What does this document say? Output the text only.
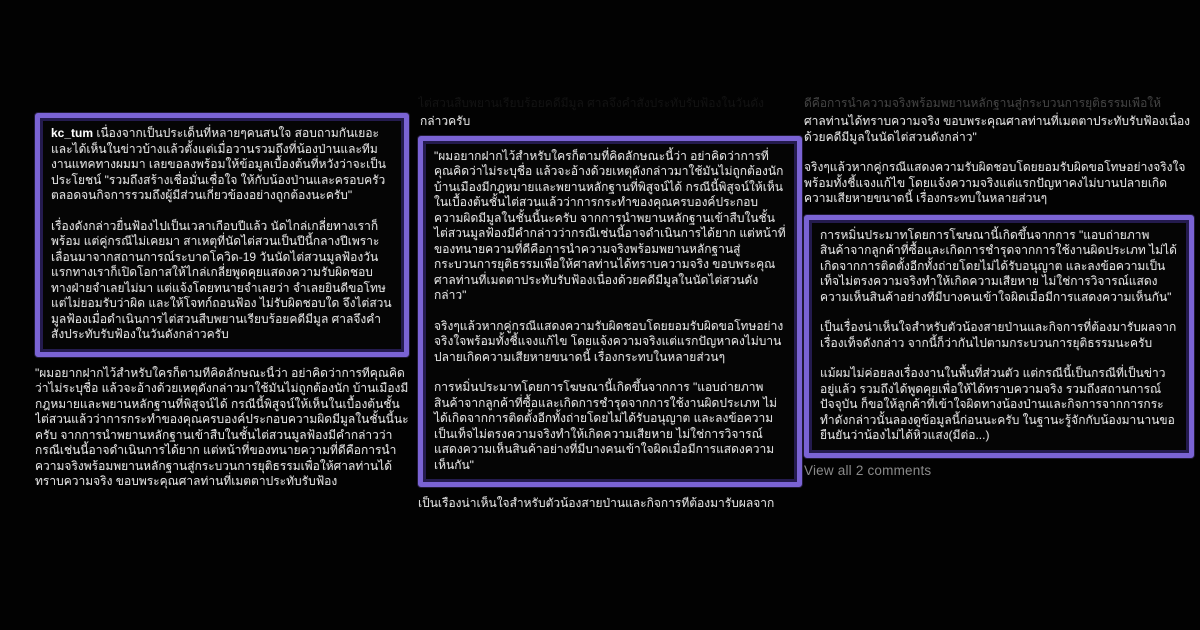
kc_tum เนื่องจากเป็นประเด็นที่หลายๆคนสนใจ สอบถามกันเยอะ และได้เห็นในข่าวบ้างแล้วตั้งแต่เมื่อวานรวมถึงที่น้องป่านและทีมงานแทคทางผมมา เลยขอลงพร้อมให้ข้อมูลเบื้องต้นที่หวังว่าจะเป็นประโยชน์ "รวมถึงสร้างเชื่อมั่นเชื่อใจ ให้กับน้องป่านและครอบครัวตลอดจนกิจการรวมถึงผู้มีส่วนเกี่ยวข้องอย่างถูกต้องนะครับ"

เรื่องดังกล่าวยื่นฟ้องไปเป็นเวลาเกือบปีแล้ว นัดไกล่เกลี่ยทางเราก็พร้อม แต่คู่กรณีไม่เคยมา สาเหตุที่นัดไต่สวนเป็นปีนี้กลางปีเพราะเลื่อนมาจากสถานการณ์ระบาดโควิด-19 วันนัดไต่สวนมูลฟ้องวันแรกทางเราก็เปิดโอกาสให้ไกล่เกลี่ยพูดคุยแสดงความรับผิดชอบ ทางฝ่ายจำเลยไม่มา แต่แจ้งโดยทนายจำเลยว่า จำเลยยินดีขอโทษ แต่ไม่ยอมรับว่าผิด และให้โจทก์ถอนฟ้อง ไม่รับผิดชอบใด จึงไต่สวนมูลฟ้องเมื่อดำเนินการไต่สวนสืบพยานเรียบร้อยคดีมีมูล ศาลจึงคำสั่งประทับรับฟ้องในวันดังกล่าวครับ

"ผมอยากฝากไว้สำหรับใครก็ตามที่คิดลักษณะนี้ว่า อย่าคิดว่าการที่คุณคิดว่าไม่ระบุชื่อ แล้วจะอ้างด้วยเหตุดังกล่าวมาใช้มันไม่ถูกต้องนัก บ้านเมืองมีกฎหมายและพยานหลักฐานที่พิสูจน์ได้ กรณีนี้พิสูจน์ให้เห็นในเบื้องต้นชั้นไต่สวนแล้วว่าการกระทำของคุณครบองค์ประกอบความผิดมีมูลในชั้นนี้นะครับ จากการนำพยานหลักฐานเข้าสืบในชั้นไต่สวนมูลฟ้องมีคำกล่าวว่ากรณีเช่นนี้อาจดำเนินการได้ยาก แต่หน้าที่ของทนายความที่ดีคือการนำความจริงพร้อมพยานหลักฐานสู่กระบวนการยุติธรรมเพื่อให้ศาลท่านได้ทราบความจริง ขอบพระคุณศาลท่านที่เมตตาประทับรับฟ้อง

ไต่สวนสืบพยานเรียบร้อยคดีมีมูล ศาลจึงคำสั่งประทับรับฟ้องในวันดัง
กล่าวครับ

"ผมอยากฝากไว้สำหรับใครก็ตามที่คิดลักษณะนี้ว่า อย่าคิดว่าการที่คุณคิดว่าไม่ระบุชื่อ แล้วจะอ้างด้วยเหตุดังกล่าวมาใช้มันไม่ถูกต้องนัก บ้านเมืองมีกฎหมายและพยานหลักฐานที่พิสูจน์ได้ กรณีนี้พิสูจน์ให้เห็นในเบื้องต้นชั้นไต่สวนแล้วว่าการกระทำของคุณครบองค์ประกอบความผิดมีมูลในชั้นนี้นะครับ จากการนำพยานหลักฐานเข้าสืบในชั้นไต่สวนมูลฟ้องมีคำกล่าวว่ากรณีเช่นนี้อาจดำเนินการได้ยาก แต่หน้าที่ของทนายความที่ดีคือการนำความจริงพร้อมพยานหลักฐานสู่กระบวนการยุติธรรมเพื่อให้ศาลท่านได้ทราบความจริง ขอบพระคุณศาลท่านที่เมตตาประทับรับฟ้องเนื่องด้วยคดีมีมูลในนัดไต่สวนดังกล่าว"

จริงๆแล้วหากคู่กรณีแสดงความรับผิดชอบโดยยอมรับผิดขอโทษอย่างจริงใจพร้อมทั้งชี้แจงแก้ไข โดยแจ้งความจริงแต่แรกปัญหาคงไม่บานปลายเกิดความเสียหายขนาดนี้ เรื่องกระทบในหลายส่วนๆ

การหมิ่นประมาทโดยการโฆษณานี้เกิดขึ้นจากการ "แอบถ่ายภาพสินค้าจากลูกค้าที่ซื้อและเกิดการชำรุดจากการใช้งานผิดประเภท ไม่ได้เกิดจากการติดตั้งอีกทั้งถ่ายโดยไม่ได้รับอนุญาต และลงข้อความเป็นเท็จไม่ตรงความจริงทำให้เกิดความเสียหาย ไม่ใช่การวิจารณ์แสดงความเห็นสินค้าอย่างที่มีบางคนเข้าใจผิดเมื่อมีการแสดงความเห็นกัน"

เป็นเรื่องน่าเห็นใจสำหรับตัวน้องสายป่านและกิจการที่ต้องมารับผลจาก

ดีคือการนำความจริงพร้อมพยานหลักฐานสู่กระบวนการยุติธรรมเพื่อให้

ศาลท่านได้ทราบความจริง ขอบพระคุณศาลท่านที่เมตตาประทับรับฟ้องเนื่องด้วยคดีมีมูลในนัดไต่สวนดังกล่าว"

จริงๆแล้วหากคู่กรณีแสดงความรับผิดชอบโดยยอมรับผิดขอโทษอย่างจริงใจพร้อมทั้งชี้แจงแก้ไข โดยแจ้งความจริงแต่แรกปัญหาคงไม่บานปลายเกิดความเสียหายขนาดนี้ เรื่องกระทบในหลายส่วนๆ

การหมิ่นประมาทโดยการโฆษณานี้เกิดขึ้นจากการ "แอบถ่ายภาพสินค้าจากลูกค้าที่ซื้อและเกิดการชำรุดจากการใช้งานผิดประเภท ไม่ได้เกิดจากการติดตั้งอีกทั้งถ่ายโดยไม่ได้รับอนุญาต และลงข้อความเป็นเท็จไม่ตรงความจริงทำให้เกิดความเสียหาย ไม่ใช่การวิจารณ์แสดงความเห็นสินค้าอย่างที่มีบางคนเข้าใจผิดเมื่อมีการแสดงความเห็นกัน"

เป็นเรื่องน่าเห็นใจสำหรับตัวน้องสายป่านและกิจการที่ต้องมารับผลจากเรื่องเท็จดังกล่าว จากนี้ก็ว่ากันไปตามกระบวนการยุติธรรมนะครับ

แม้ผมไม่ค่อยลงเรื่องงานในพื้นที่ส่วนตัว แต่กรณีนี้เป็นกรณีที่เป็นข่าวอยู่แล้ว รวมถึงได้พูดคุยเพื่อให้ได้ทราบความจริง รวมถึงสถานการณ์ปัจจุบัน ก็ขอให้ลูกค้าที่เข้าใจผิดทางน้องป่านและกิจการจากการกระทำดังกล่าวนั้นลองดูข้อมูลนี้ก่อนนะครับ ในฐานะรู้จักกับน้องมานานขอยืนยันว่าน้องไม่ได้หิวแสง(มีต่อ...)

View all 2 comments
